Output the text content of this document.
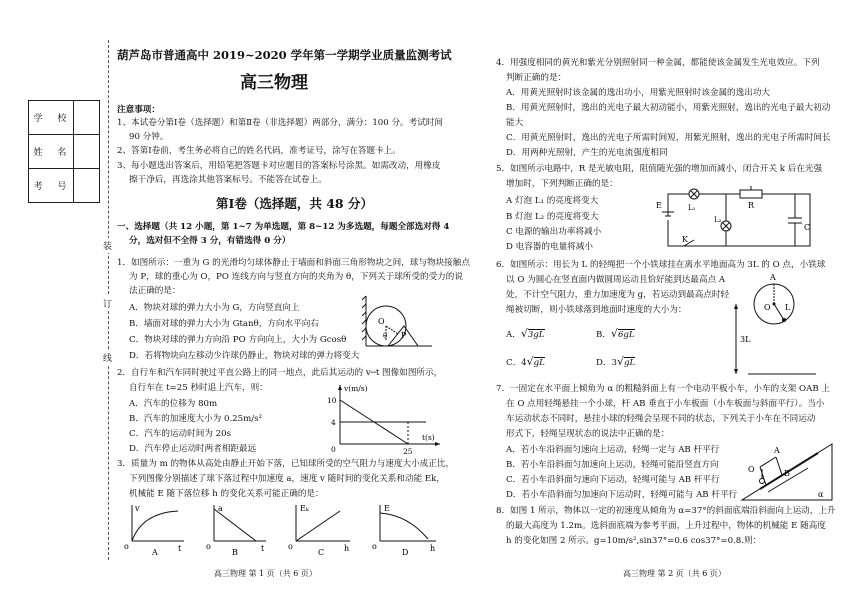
学 校
姓 名
考 号
装
订
线
葫芦岛市普通高中 2019~2020 学年第一学期学业质量监测考试
高三物理
注意事项：
1、本试卷分第Ⅰ卷（选择题）和第Ⅱ卷（非选择题）两部分，满分：100 分。考试时间
90 分钟。
2、答第Ⅰ卷前，考生务必将自己的姓名代码，准考证号，涂写在答题卡上。
3、每小题选出答案后，用铅笔把答题卡对应题目的答案标号涂黑。如需改动，用橡皮
擦干净后，再选涂其他答案标号。不能答在试卷上。
第Ⅰ卷（选择题，共 48 分）
一、选择题（共 12 小题，第 1~7 为单选题，第 8~12 为多选题，每题全部选对得 4
分，选对但不全得 3 分，有错选得 0 分）
1．如图所示：一重为 G 的光滑均匀球体静止于墙面和斜面三角形物块之间，球与物块接触点
为 P，球的重心为 O，PO 连线方向与竖直方向的夹角为 θ，下列关于球所受的受力的说
法正确的是：
A．物块对球的弹力大小为 G，方向竖直向上
B．墙面对球的弹力大小为 Gtanθ，方向水平向右
C．物块对球的弹力方向沿 PO 方向向上，大小为 Gcosθ
D．若将物块向左移动少许球仍静止，物块对球的弹力将变大
O
θ P
2．自行车和汽车同时驶过平直公路上的同一地点，此后其运动的 v─t 图像如图所示，
自行车在 t=25 秒时追上汽车，则：
A．汽车的位移为 80m
B．汽车的加速度大小为 0.25m/s²
C．汽车的运动时间为 20s
D．汽车停止运动时两者相距最远
v(m/s)
t(s)
10
4
25
0
3．质量为 m 的物体从高处由静止开始下落，已知球所受的空气阻力与速度大小成正比，
下列图像分别描述了球下落过程中加速度 a，速度 v 随时间的变化关系和动能 Ek，
机械能 E 随下落位移 h 的变化关系可能正确的是：
v
t
o
A
a
t
o
B
Eₖ
h
o
C
E
h
o
D
高三物理 第 1 页（共 6 页）
4．用强度相同的黄光和紫光分别照射同一种金属，都能使该金属发生光电效应。下列
判断正确的是：
A．用黄光照射时该金属的逸出功小，用紫光照射时该金属的逸出功大
B．用黄光照射时，逸出的光电子最大初动能小，用紫光照射，逸出的光电子最大初动
能大
C．用黄光照射时，逸出的光电子所需时间短，用紫光照射，逸出的光电子所需时间长
D．用两种光照射，产生的光电流强度相同
5．如图所示电路中，R 是光敏电阻，阻值随光强的增加而减小，闭合开关 k 后在光强
增加时，下列判断正确的是：
A 灯泡 L₁ 的亮度将变大
B 灯泡 L₂ 的亮度将变大
C 电源的输出功率将减小
D 电容器的电量将减小
E
K
L₁	R
L₂
C
6．如图所示：用长为 L 的轻绳把一个小铁球挂在离水平地面高为 3L 的 O 点，小铁球
以 O 为圆心在竖直面内做圆周运动且恰好能到达最高点 A
处，不计空气阻力，重力加速度为 g，若运动到最高点时轻
绳被切断，则小铁球落到地面时速度的大小为：
A．√3gL	B．√6gL
C．4√gL	D．3√gL
A
O L
3L
7．一固定在水平面上倾角为 α 的粗糙斜面上有一个电动平板小车，小车的支架 OAB 上
在 O 点用轻绳悬挂一个小球，杆 AB 垂直于小车板面（小车板面与斜面平行）。当小
车运动状态不同时，悬挂小球的轻绳会呈现不同的状态，下列关于小车在不同运动
形式下，轻绳呈现状态的说法中正确的是：
A．若小车沿斜面匀速向上运动，轻绳一定与 AB 杆平行
B．若小车沿斜面匀加速向上运动，轻绳可能沿竖直方向
C．若小车沿斜面匀速向下运动，轻绳可能与 AB 杆平行
D．若小车沿斜面匀加速向下运动时，轻绳可能与 AB 杆平行
A
O	B
α
8．如图 1 所示，物体以一定的初速度从倾角为 α=37°的斜面底端沿斜面向上运动，上升
的最大高度为 1.2m。选斜面底端为参考平面，上升过程中，物体的机械能 E 随高度
h 的变化如图 2 所示。g=10m/s²,sin37°=0.6 cos37°=0.8.则：
高三物理 第 2 页（共 6 页）
